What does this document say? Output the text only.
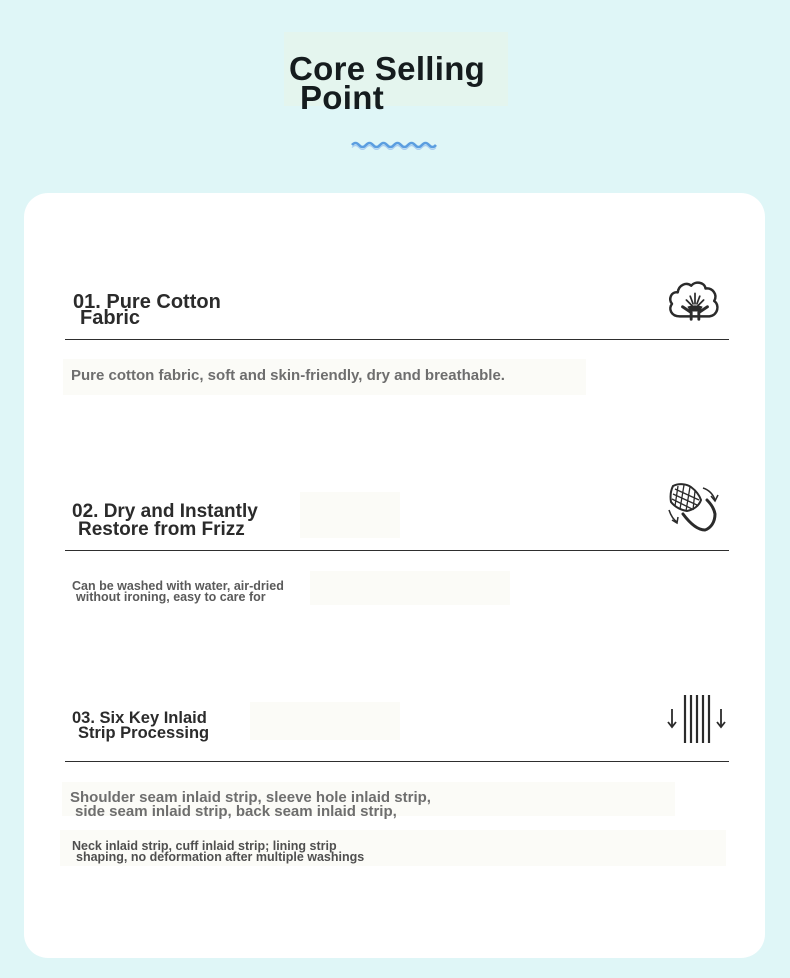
Core Selling
Point
01. Pure Cotton
Fabric
Pure cotton fabric, soft and skin-friendly, dry and breathable.
02. Dry and Instantly
Restore from Frizz
Can be washed with water, air-dried
without ironing, easy to care for
03. Six Key Inlaid
Strip Processing
Shoulder seam inlaid strip, sleeve hole inlaid strip,
side seam inlaid strip, back seam inlaid strip,
Neck inlaid strip, cuff inlaid strip; lining strip
shaping, no deformation after multiple washings
